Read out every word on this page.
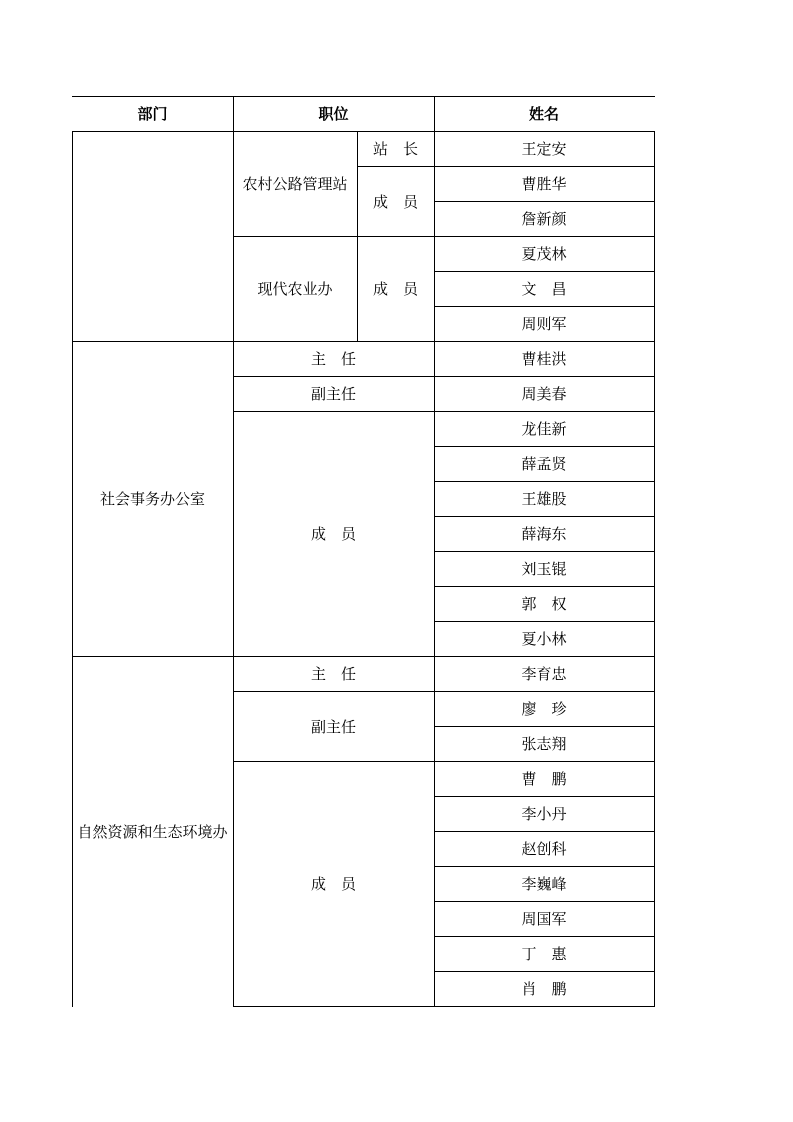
部门	职位	姓名
王定安
站　长
曹胜华
詹新颜
成　员
农村公路管理站
夏茂林
文　昌
周则军
成　员
现代农业办
曹桂洪
主　任
周美春
副主任
龙佳新
薛孟贤
王雄股
薛海东
刘玉锟
郭　权
夏小林
成　员
社会事务办公室
李育忠
主　任
廖　珍
张志翔
副主任
曹　鹏
李小丹
赵创科
李巍峰
周国军
丁　惠
肖　鹏
成　员
自然资源和生态环境办
